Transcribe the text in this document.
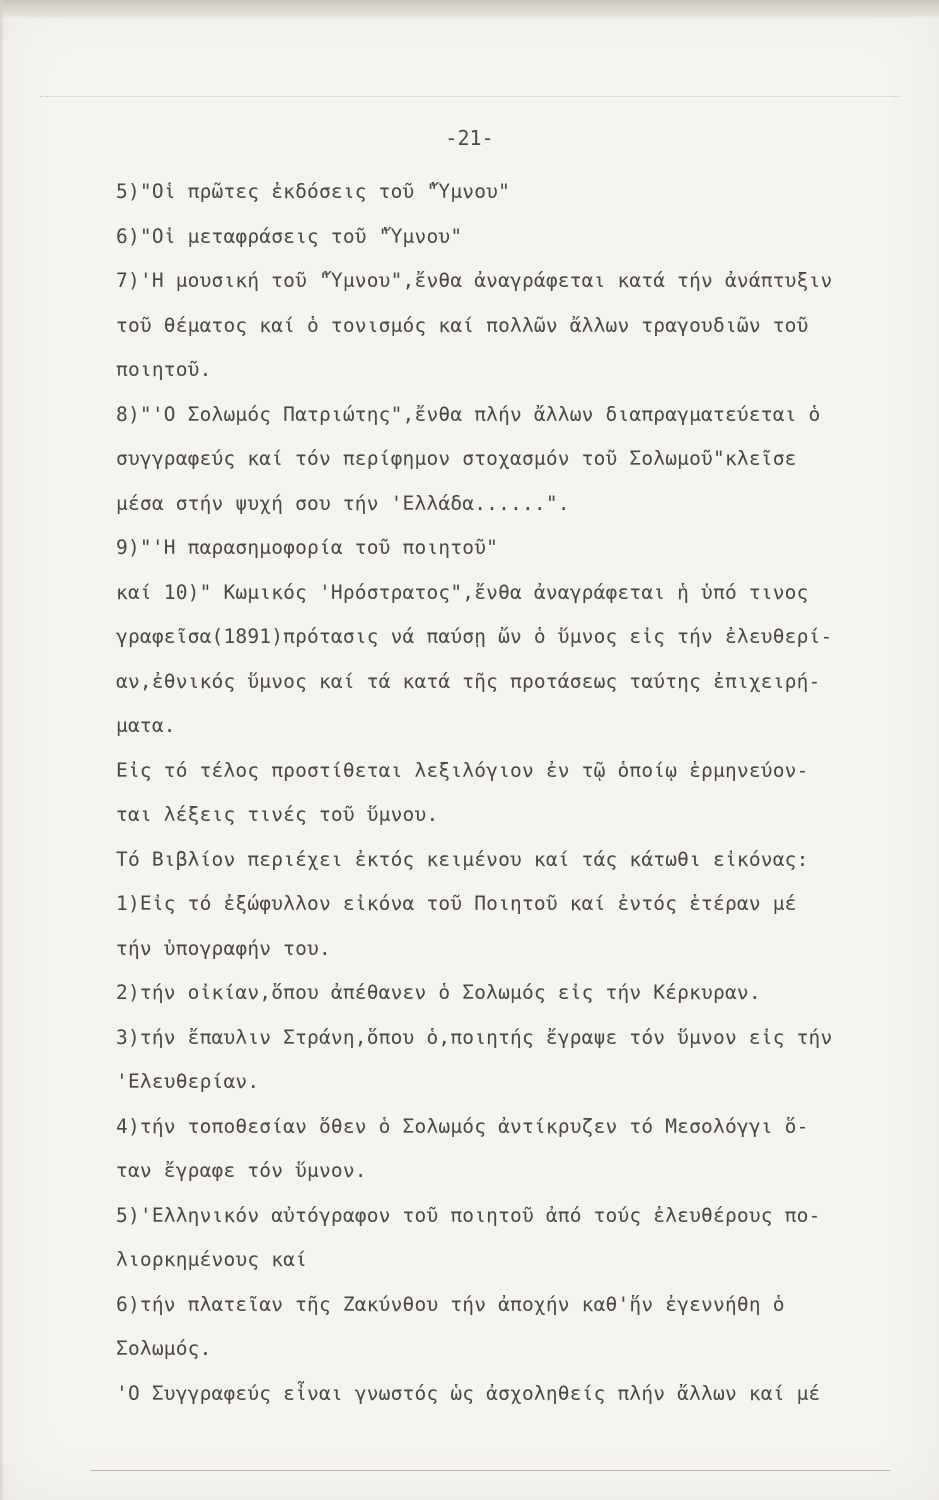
-21-
5)"Οἱ πρῶτες ἐκδόσεις τοῦ "Ὕμνου"
6)"Οἱ μεταφράσεις τοῦ "Ὕμνου"
7)'Η μουσική τοῦ "Ὕμνου",ἔνθα ἀναγράφεται κατά τήν ἀνάπτυξιν
τοῦ θέματος καί ὁ τονισμός καί πολλῶν ἄλλων τραγουδιῶν τοῦ
ποιητοῦ.
8)"'Ο Σολωμός Πατριώτης",ἔνθα πλήν ἄλλων διαπραγματεύεται ὁ
συγγραφεύς καί τόν περίφημον στοχασμόν τοῦ Σολωμοῦ"κλεῖσε
μέσα στήν ψυχή σου τήν 'Ελλάδα......".
9)"'Η παρασημοφορία τοῦ ποιητοῦ"
καί 10)" Κωμικός 'Ηρόστρατος",ἔνθα ἀναγράφεται ἡ ὑπό τινος
γραφεῖσα(1891)πρότασις νά παύσῃ ὤν ὁ ὕμνος εἰς τήν ἐλευθερί-
αν,ἐθνικός ὕμνος καί τά κατά τῆς προτάσεως ταύτης ἐπιχειρή-
ματα.
Εἰς τό τέλος προστίθεται λεξιλόγιον ἐν τῷ ὁποίῳ ἑρμηνεύον-
ται λέξεις τινές τοῦ ὕμνου.
Τό Βιβλίον περιέχει ἐκτός κειμένου καί τάς κάτωθι εἰκόνας:
1)Εἰς τό ἐξώφυλλον εἰκόνα τοῦ Ποιητοῦ καί ἐντός ἑτέραν μέ
τήν ὑπογραφήν του.
2)τήν οἰκίαν,ὅπου ἀπέθανεν ὁ Σολωμός εἰς τήν Κέρκυραν.
3)τήν ἔπαυλιν Στράνη,ὅπου ὁ,ποιητής ἔγραψε τόν ὕμνον εἰς τήν
'Ελευθερίαν.
4)τήν τοποθεσίαν ὅθεν ὁ Σολωμός ἀντίκρυζεν τό Μεσολόγγι ὅ-
ταν ἔγραφε τόν ὕμνον.
5)'Ελληνικόν αὐτόγραφον τοῦ ποιητοῦ ἀπό τούς ἐλευθέρους πο-
λιορκημένους καί
6)τήν πλατεῖαν τῆς Ζακύνθου τήν ἀποχήν καθ'ἥν ἐγεννήθη ὁ
Σολωμός.
'Ο Συγγραφεύς εἶναι γνωστός ὡς ἀσχοληθείς πλήν ἄλλων καί μέ
